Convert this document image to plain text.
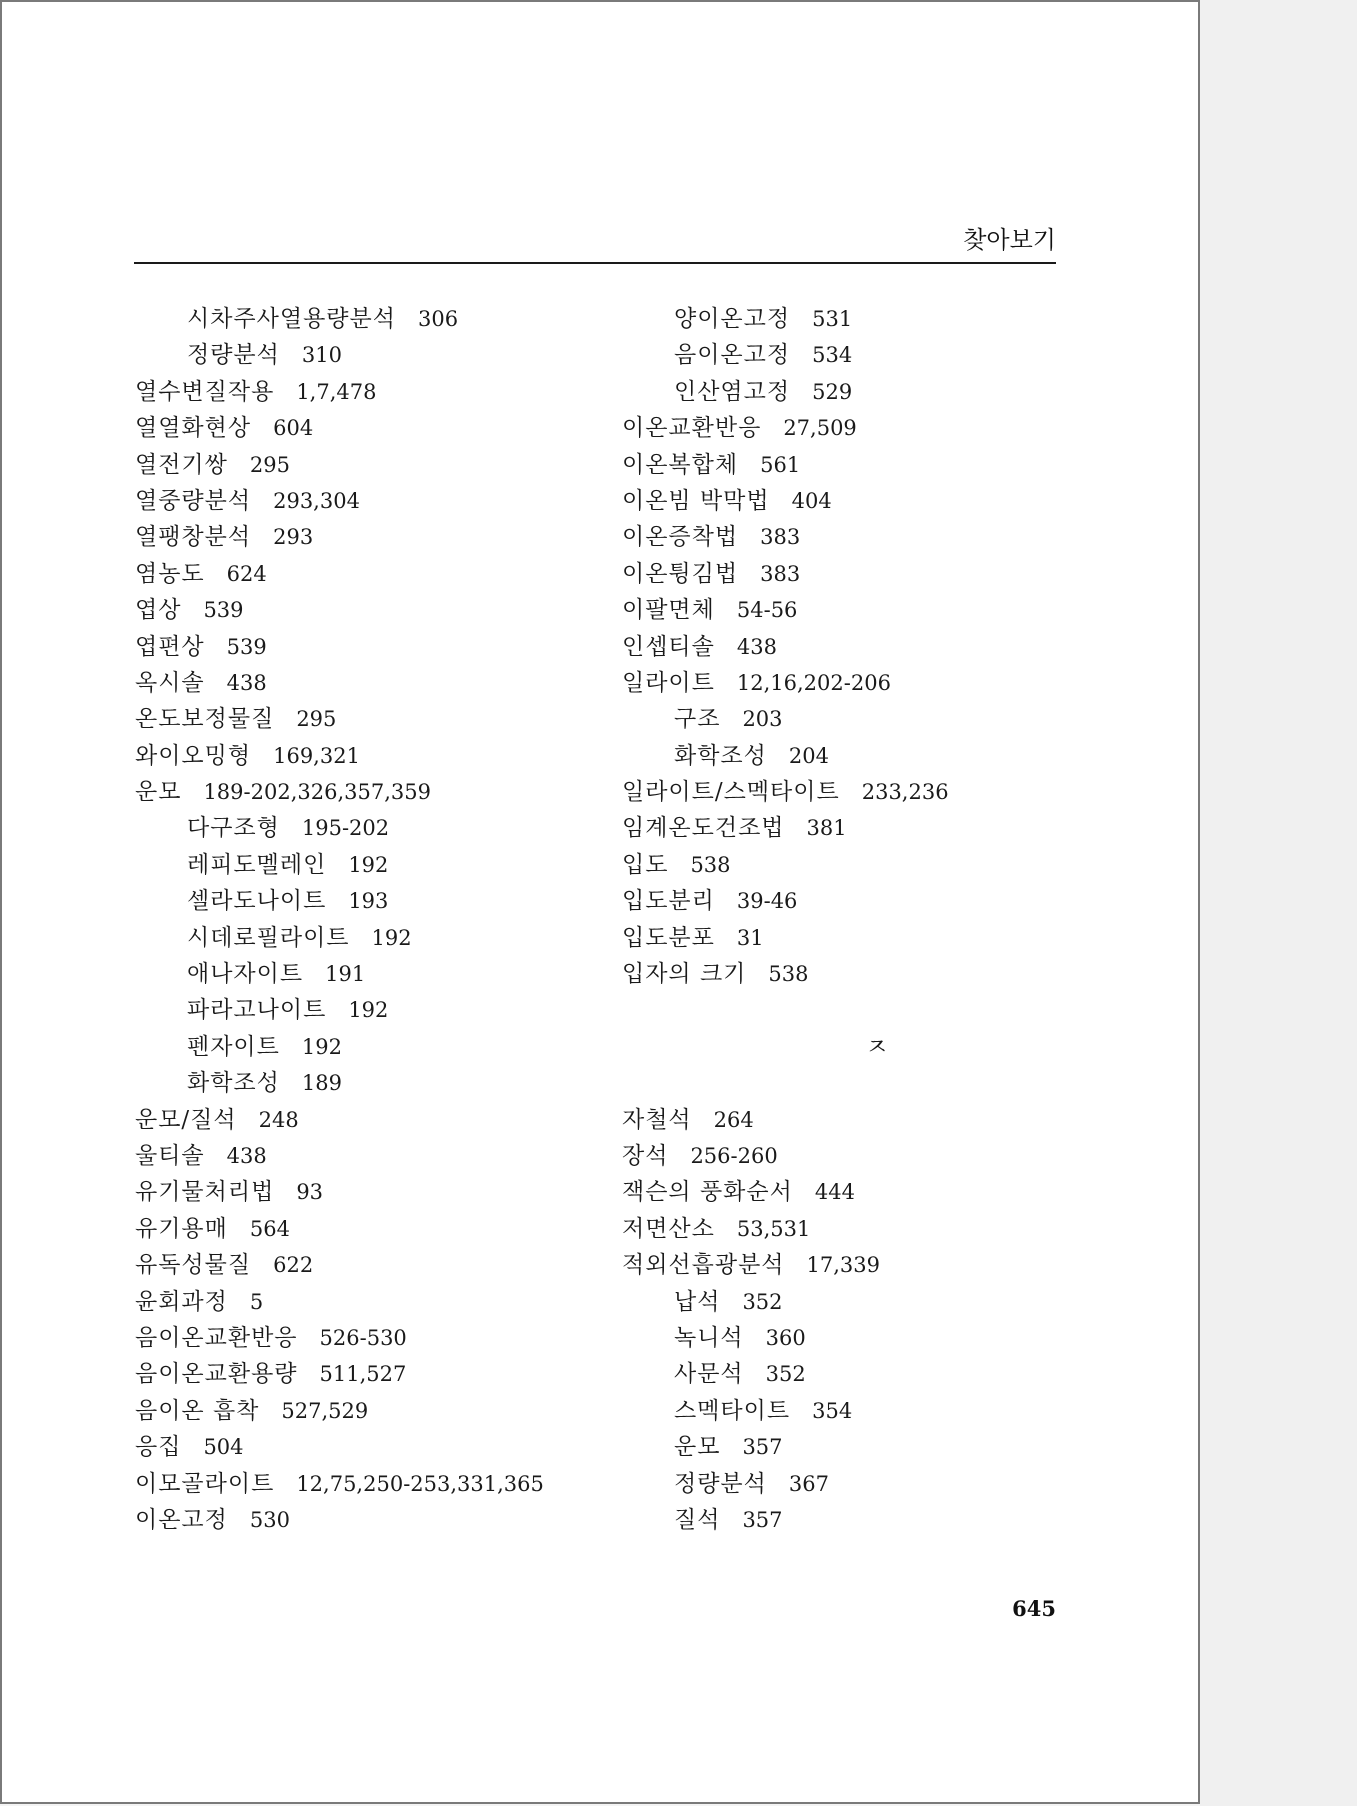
찾아보기
시차주사열용량분석 306
정량분석 310
열수변질작용 1,7,478
열열화현상 604
열전기쌍 295
열중량분석 293,304
열팽창분석 293
염농도 624
엽상 539
엽편상 539
옥시솔 438
온도보정물질 295
와이오밍형 169,321
운모 189-202,326,357,359
다구조형 195-202
레피도멜레인 192
셀라도나이트 193
시데로필라이트 192
애나자이트 191
파라고나이트 192
펜자이트 192
화학조성 189
운모/질석 248
울티솔 438
유기물처리법 93
유기용매 564
유독성물질 622
윤회과정 5
음이온교환반응 526-530
음이온교환용량 511,527
음이온 흡착 527,529
응집 504
이모골라이트 12,75,250-253,331,365
이온고정 530
양이온고정 531
음이온고정 534
인산염고정 529
이온교환반응 27,509
이온복합체 561
이온빔 박막법 404
이온증착법 383
이온튕김법 383
이팔면체 54-56
인셉티솔 438
일라이트 12,16,202-206
구조 203
화학조성 204
일라이트/스멕타이트 233,236
임계온도건조법 381
입도 538
입도분리 39-46
입도분포 31
입자의 크기 538
ㅈ
자철석 264
장석 256-260
잭슨의 풍화순서 444
저면산소 53,531
적외선흡광분석 17,339
납석 352
녹니석 360
사문석 352
스멕타이트 354
운모 357
정량분석 367
질석 357
645
